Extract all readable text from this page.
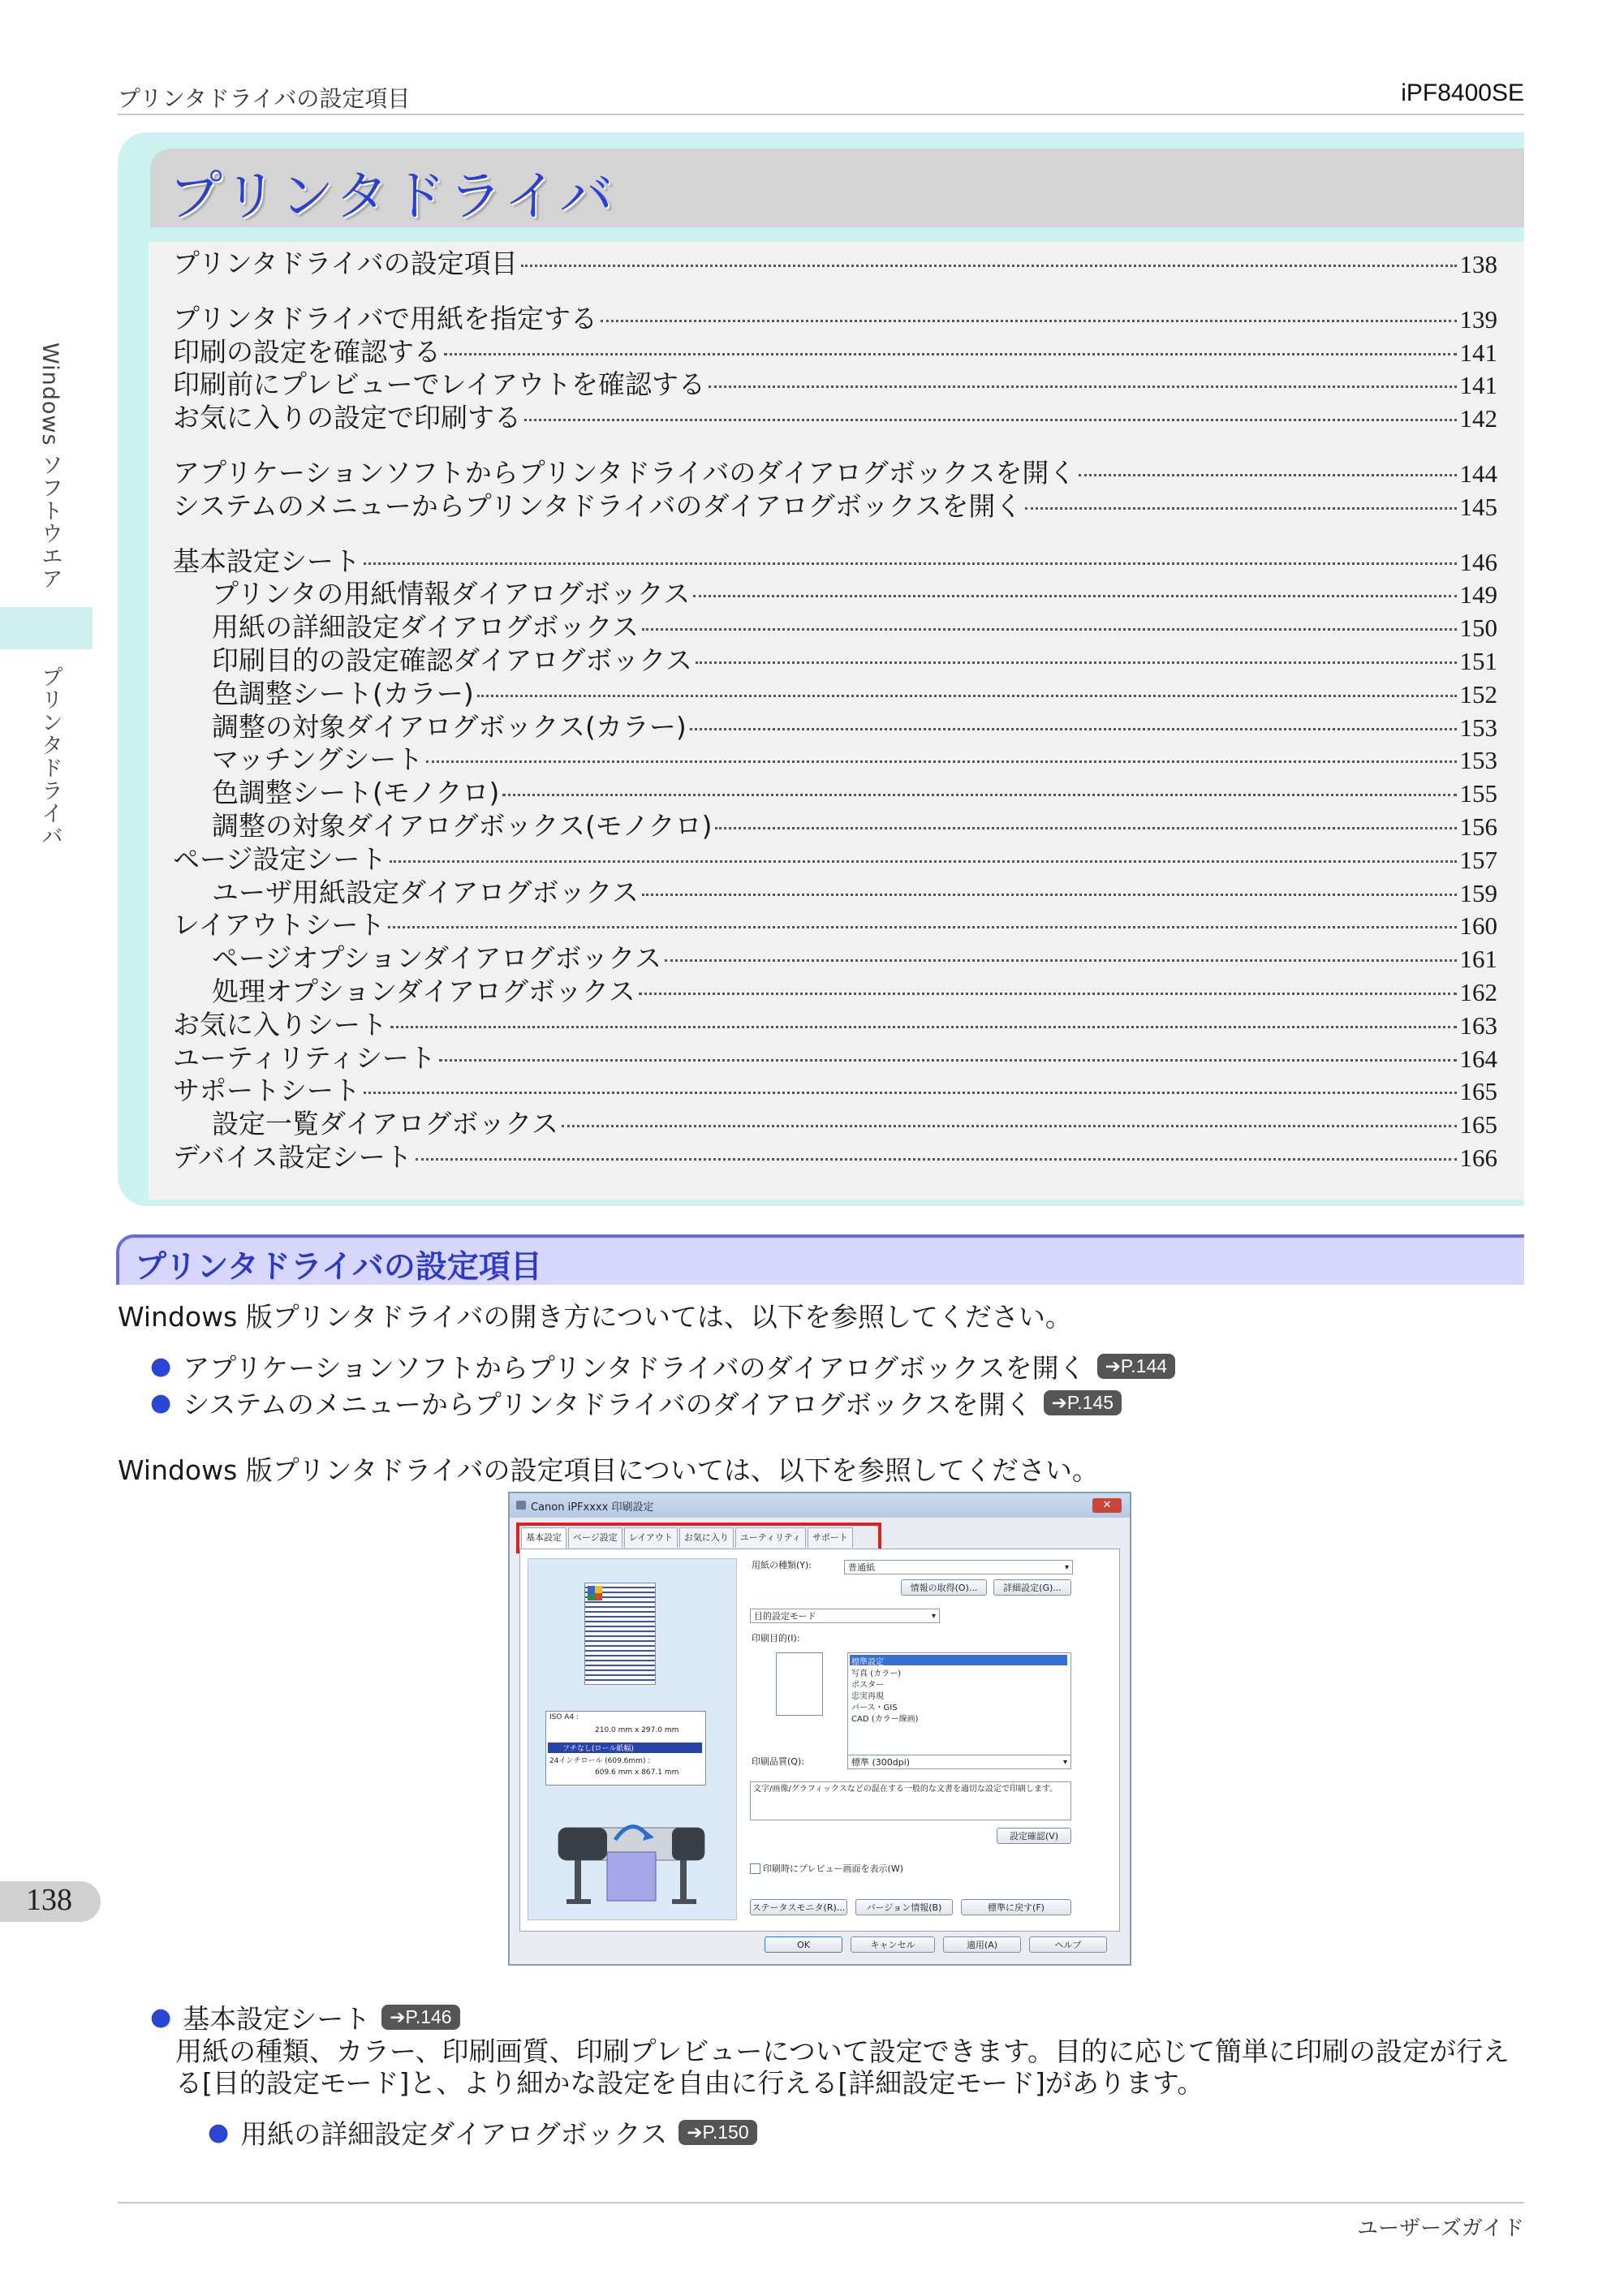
プリンタドライバの設定項目	iPF8400SE
Windows ソフトウエア
プリンタドライバ
プリンタドライバ
プリンタドライバの設定項目	138
プリンタドライバで用紙を指定する	139
印刷の設定を確認する	141
印刷前にプレビューでレイアウトを確認する	141
お気に入りの設定で印刷する	142
アプリケーションソフトからプリンタドライバのダイアログボックスを開く	144
システムのメニューからプリンタドライバのダイアログボックスを開く	145
基本設定シート	146
プリンタの用紙情報ダイアログボックス	149
用紙の詳細設定ダイアログボックス	150
印刷目的の設定確認ダイアログボックス	151
色調整シート(カラー)	152
調整の対象ダイアログボックス(カラー)	153
マッチングシート	153
色調整シート(モノクロ)	155
調整の対象ダイアログボックス(モノクロ)	156
ページ設定シート	157
ユーザ用紙設定ダイアログボックス	159
レイアウトシート	160
ページオプションダイアログボックス	161
処理オプションダイアログボックス	162
お気に入りシート	163
ユーティリティシート	164
サポートシート	165
設定一覧ダイアログボックス	165
デバイス設定シート	166
プリンタドライバの設定項目
Windows 版プリンタドライバの開き方については、以下を参照してください。
● アプリケーションソフトからプリンタドライバのダイアログボックスを開く	➔P.144
● システムのメニューからプリンタドライバのダイアログボックスを開く	➔P.145
Windows 版プリンタドライバの設定項目については、以下を参照してください。
Canon iPFxxxx 印刷設定	✕
基本設定	ページ設定	レイアウト	お気に入り	ユーティリティ	サポート
ISO A4 :
210.0 mm x 297.0 mm
フチなし(ロール紙幅)
24インチロール (609.6mm) :
609.6 mm x 867.1 mm
用紙の種類(Y):	普通紙 ▾
情報の取得(O)...	詳細設定(G)...
目的設定モード ▾
印刷目的(I):
標準設定
写真 (カラー)
ポスター
忠実再現
パース・GIS
CAD (カラー線画)
印刷品質(Q):	標準 (300dpi) ▾
文字/画像/グラフィックスなどの混在する一般的な文書を適切な設定で印刷します。
設定確認(V)
印刷時にプレビュー画面を表示(W)
ステータスモニタ(R)...	バージョン情報(B)	標準に戻す(F)
OK	キャンセル	適用(A)	ヘルプ
● 基本設定シート	➔P.146
用紙の種類、カラー、印刷画質、印刷プレビューについて設定できます。目的に応じて簡単に印刷の設定が行え
る[目的設定モード]と、より細かな設定を自由に行える[詳細設定モード]があります。
● 用紙の詳細設定ダイアログボックス	➔P.150
138
ユーザーズガイド
